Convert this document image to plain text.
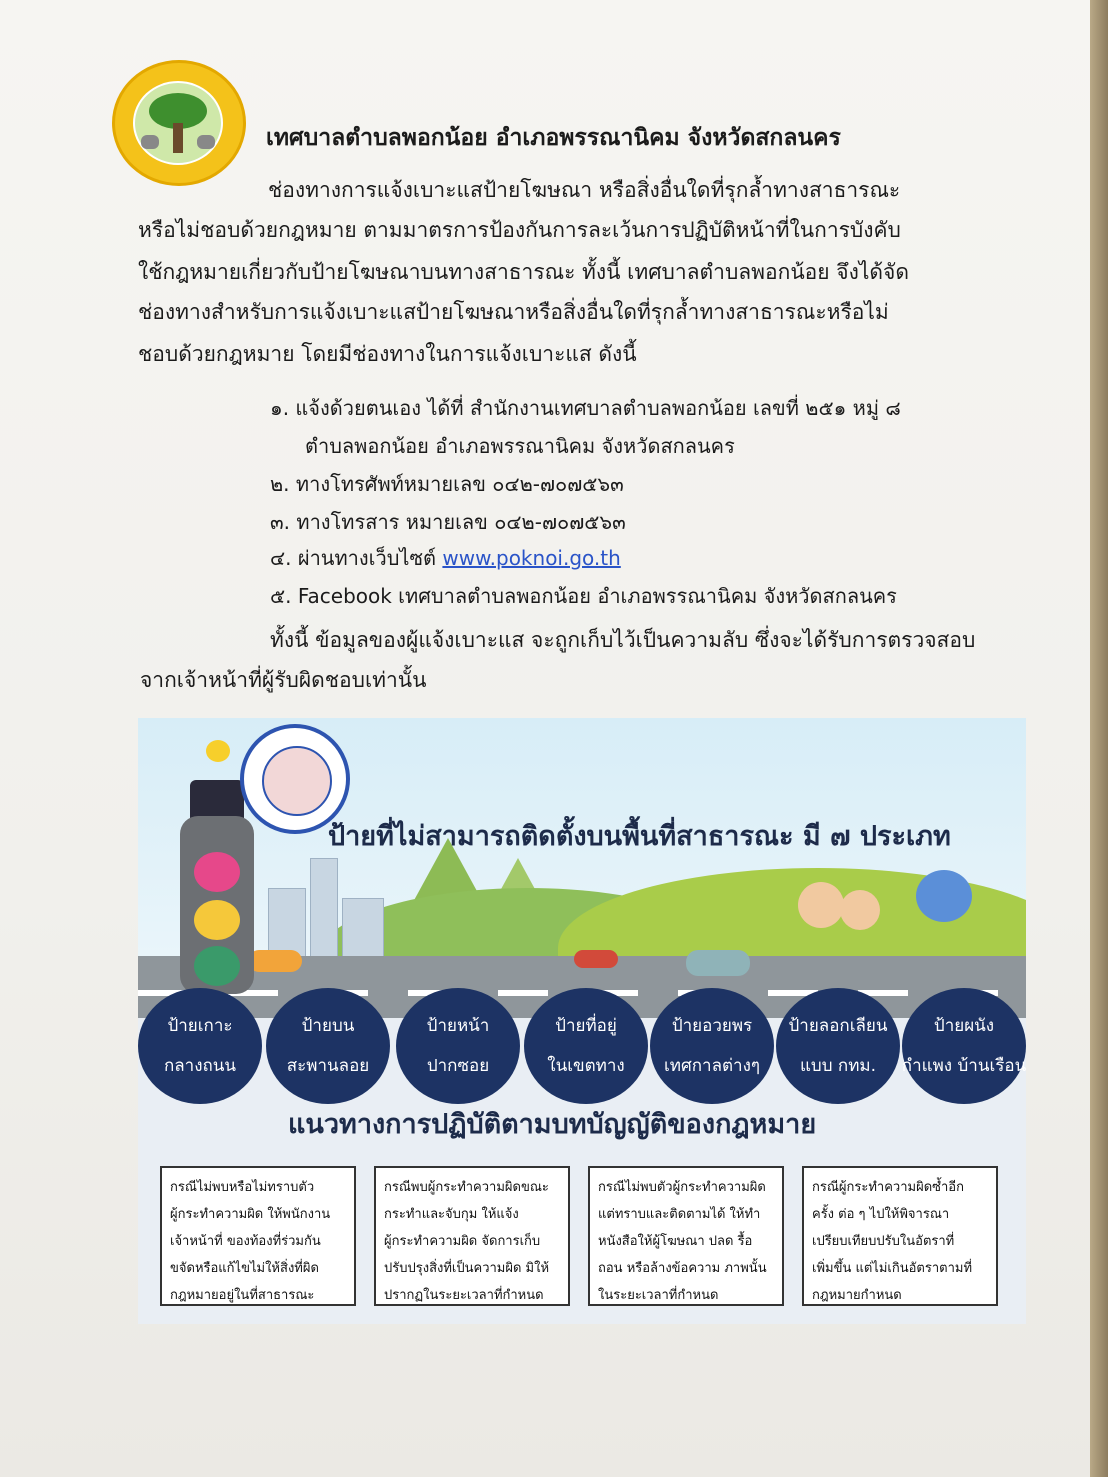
เทศบาลตำบลพอกน้อย อำเภอพรรณานิคม จังหวัดสกลนคร
ช่องทางการแจ้งเบาะแสป้ายโฆษณา หรือสิ่งอื่นใดที่รุกล้ำทางสาธารณะ
หรือไม่ชอบด้วยกฎหมาย ตามมาตรการป้องกันการละเว้นการปฏิบัติหน้าที่ในการบังคับ
ใช้กฎหมายเกี่ยวกับป้ายโฆษณาบนทางสาธารณะ ทั้งนี้ เทศบาลตำบลพอกน้อย จึงได้จัด
ช่องทางสำหรับการแจ้งเบาะแสป้ายโฆษณาหรือสิ่งอื่นใดที่รุกล้ำทางสาธารณะหรือไม่
ชอบด้วยกฎหมาย โดยมีช่องทางในการแจ้งเบาะแส ดังนี้
๑. แจ้งด้วยตนเอง ได้ที่ สำนักงานเทศบาลตำบลพอกน้อย เลขที่ ๒๕๑ หมู่ ๘
ตำบลพอกน้อย อำเภอพรรณานิคม จังหวัดสกลนคร
๒. ทางโทรศัพท์หมายเลข ๐๔๒-๗๐๗๕๖๓
๓. ทางโทรสาร หมายเลข ๐๔๒-๗๐๗๕๖๓
๔. ผ่านทางเว็บไซต์ www.poknoi.go.th
๕. Facebook เทศบาลตำบลพอกน้อย อำเภอพรรณานิคม จังหวัดสกลนคร
ทั้งนี้ ข้อมูลของผู้แจ้งเบาะแส จะถูกเก็บไว้เป็นความลับ ซึ่งจะได้รับการตรวจสอบ
จากเจ้าหน้าที่ผู้รับผิดชอบเท่านั้น
ป้ายที่ไม่สามารถติดตั้งบนพื้นที่สาธารณะ มี ๗ ประเภท
ป้ายเกาะ
กลางถนน
ป้ายบน
สะพานลอย
ป้ายหน้า
ปากซอย
ป้ายที่อยู่
ในเขตทาง
ป้ายอวยพร
เทศกาลต่างๆ
ป้ายลอกเลียน
แบบ กทม.
ป้ายผนัง
กำแพง บ้านเรือน
แนวทางการปฏิบัติตามบทบัญญัติของกฎหมาย
กรณีไม่พบหรือไม่ทราบตัว
ผู้กระทำความผิด ให้พนักงาน
เจ้าหน้าที่ ของท้องที่ร่วมกัน
ขจัดหรือแก้ไขไม่ให้สิ่งที่ผิด
กฎหมายอยู่ในที่สาธารณะ
กรณีพบผู้กระทำความผิดขณะ
กระทำและจับกุม ให้แจ้ง
ผู้กระทำความผิด จัดการเก็บ
ปรับปรุงสิ่งที่เป็นความผิด มิให้
ปรากฏในระยะเวลาที่กำหนด
กรณีไม่พบตัวผู้กระทำความผิด
แต่ทราบและติดตามได้ ให้ทำ
หนังสือให้ผู้โฆษณา ปลด รื้อ
ถอน หรือล้างข้อความ ภาพนั้น
ในระยะเวลาที่กำหนด
กรณีผู้กระทำความผิดซ้ำอีก
ครั้ง ต่อ ๆ ไปให้พิจารณา
เปรียบเทียบปรับในอัตราที่
เพิ่มขึ้น แต่ไม่เกินอัตราตามที่
กฎหมายกำหนด
